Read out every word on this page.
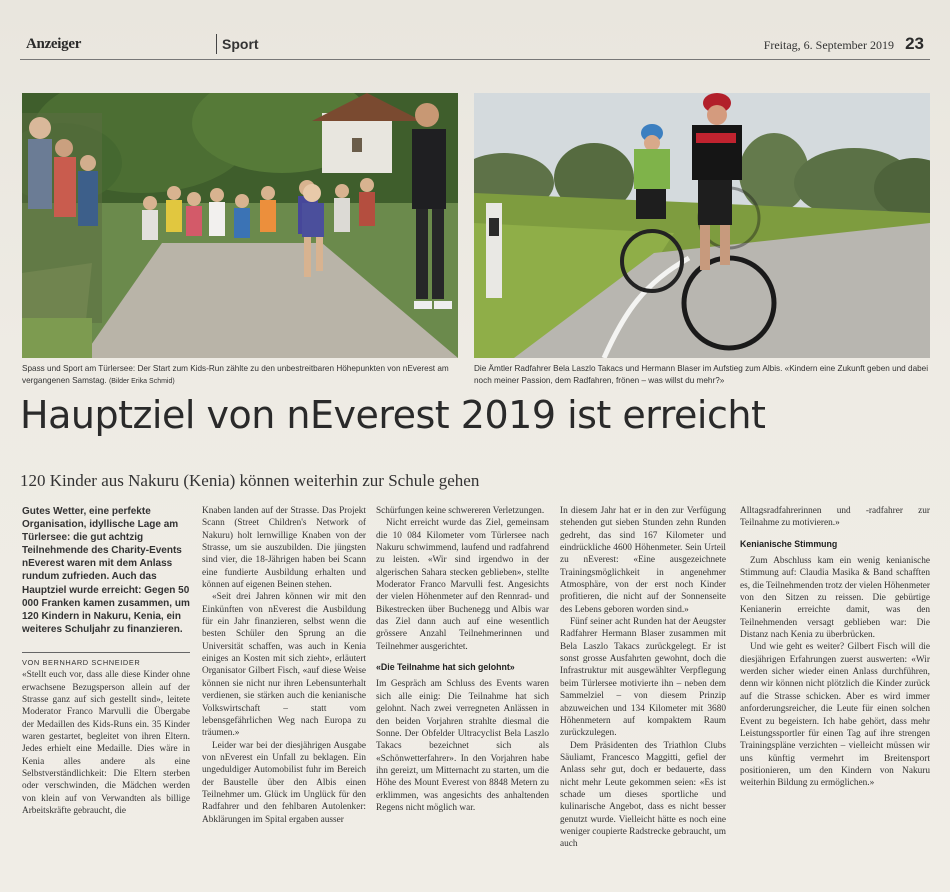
Anzeiger	Sport	Freitag, 6. September 2019 23
Spass und Sport am Türlersee: Der Start zum Kids-Run zählte zu den unbestreitbaren Höhepunkten von nEverest am vergangenen Samstag. (Bilder Erika Schmid)
Die Ämtler Radfahrer Bela Laszlo Takacs und Hermann Blaser im Aufstieg zum Albis. «Kindern eine Zukunft geben und dabei noch meiner Passion, dem Radfahren, frönen – was willst du mehr?»
Hauptziel von nEverest 2019 ist erreicht
120 Kinder aus Nakuru (Kenia) können weiterhin zur Schule gehen

Gutes Wetter, eine perfekte Organisation, idyllische Lage am Türlersee: die gut achtzig Teilnehmende des Charity-Events nEverest waren mit dem Anlass rundum zufrieden. Auch das Hauptziel wurde erreicht: Gegen 50 000 Franken kamen zusammen, um 120 Kindern in Nakuru, Kenia, ein weiteres Schuljahr zu finanzieren.

VON BERNHARD SCHNEIDER

«Stellt euch vor, dass alle diese Kinder ohne erwachsene Bezugsperson allein auf der Strasse ganz auf sich gestellt sind», leitete Moderator Franco Marvulli die Übergabe der Medaillen des Kids-Runs ein. 35 Kinder waren gestartet, begleitet von ihren Eltern. Jedes erhielt eine Medaille. Dies wäre in Kenia alles andere als eine Selbstverständlichkeit: Die Eltern sterben oder verschwinden, die Mädchen werden von klein auf von Verwandten als billige Arbeitskräfte gebraucht, die

Knaben landen auf der Strasse. Das Projekt Scann (Street Children's Network of Nakuru) holt lernwillige Knaben von der Strasse, um sie auszubilden. Die jüngsten sind vier, die 18-Jährigen haben bei Scann eine fundierte Ausbildung erhalten und können auf eigenen Beinen stehen.

«Seit drei Jahren können wir mit den Einkünften von nEverest die Ausbildung für ein Jahr finanzieren, selbst wenn die besten Schüler den Sprung an die Universität schaffen, was auch in Kenia einiges an Kosten mit sich zieht», erläutert Organisator Gilbert Fisch, «auf diese Weise können sie nicht nur ihren Lebensunterhalt verdienen, sie stärken auch die kenianische Volkswirtschaft – statt vom lebensgefährlichen Weg nach Europa zu träumen.»

Leider war bei der diesjährigen Ausgabe von nEverest ein Unfall zu beklagen. Ein ungeduldiger Automobilist fuhr im Bereich der Baustelle über den Albis einen Teilnehmer um. Glück im Unglück für den Radfahrer und den fehlbaren Autolenker: Abklärungen im Spital ergaben ausser

Schürfungen keine schwereren Verletzungen.

Nicht erreicht wurde das Ziel, gemeinsam die 10 084 Kilometer vom Türlersee nach Nakuru schwimmend, laufend und radfahrend zu leisten. «Wir sind irgendwo in der algerischen Sahara stecken geblieben», stellte Moderator Franco Marvulli fest. Angesichts der vielen Höhenmeter auf den Rennrad- und Bikestrecken über Buchenegg und Albis war das Ziel dann auch auf eine wesentlich grössere Anzahl Teilnehmerinnen und Teilnehmer ausgerichtet.

«Die Teilnahme hat sich gelohnt»

Im Gespräch am Schluss des Events waren sich alle einig: Die Teilnahme hat sich gelohnt. Nach zwei verregneten Anlässen in den beiden Vorjahren strahlte diesmal die Sonne. Der Obfelder Ultracyclist Bela Laszlo Takacs bezeichnet sich als «Schönwetterfahrer». In den Vorjahren habe ihn gereizt, um Mitternacht zu starten, um die Höhe des Mount Everest von 8848 Metern zu erklimmen, was angesichts des anhaltenden Regens nicht möglich war.

In diesem Jahr hat er in den zur Verfügung stehenden gut sieben Stunden zehn Runden gedreht, das sind 167 Kilometer und eindrückliche 4600 Höhenmeter. Sein Urteil zu nEverest: «Eine ausgezeichnete Trainingsmöglichkeit in angenehmer Atmosphäre, von der erst noch Kinder profitieren, die nicht auf der Sonnenseite des Lebens geboren worden sind.»

Fünf seiner acht Runden hat der Aeugster Radfahrer Hermann Blaser zusammen mit Bela Laszlo Takacs zurückgelegt. Er ist sonst grosse Ausfahrten gewohnt, doch die Infrastruktur mit ausgewählter Verpflegung beim Türlersee motivierte ihn – neben dem Sammelziel – von diesem Prinzip abzuweichen und 134 Kilometer mit 3680 Höhenmetern auf kompaktem Raum zurückzulegen.

Dem Präsidenten des Triathlon Clubs Säuliamt, Francesco Maggitti, gefiel der Anlass sehr gut, doch er bedauerte, dass nicht mehr Leute gekommen seien: «Es ist schade um dieses sportliche und kulinarische Angebot, dass es nicht besser genutzt wurde. Vielleicht hätte es noch eine weniger coupierte Radstrecke gebraucht, um auch

Alltagsradfahrerinnen und -radfahrer zur Teilnahme zu motivieren.»

Kenianische Stimmung

Zum Abschluss kam ein wenig kenianische Stimmung auf: Claudia Masika & Band schafften es, die Teilnehmenden trotz der vielen Höhenmeter von den Sitzen zu reissen. Die gebürtige Kenianerin erreichte damit, was den Teilnehmenden versagt geblieben war: Die Distanz nach Kenia zu überbrücken.

Und wie geht es weiter? Gilbert Fisch will die diesjährigen Erfahrungen zuerst auswerten: «Wir werden sicher wieder einen Anlass durchführen, denn wir können nicht plötzlich die Kinder zurück auf die Strasse schicken. Aber es wird immer anforderungsreicher, die Leute für einen solchen Event zu begeistern. Ich habe gehört, dass mehr Leistungssportler für einen Tag auf ihre strengen Trainingspläne verzichten – vielleicht müssen wir uns künftig vermehrt im Breitensport positionieren, um den Kindern von Nakuru weiterhin Bildung zu ermöglichen.»
